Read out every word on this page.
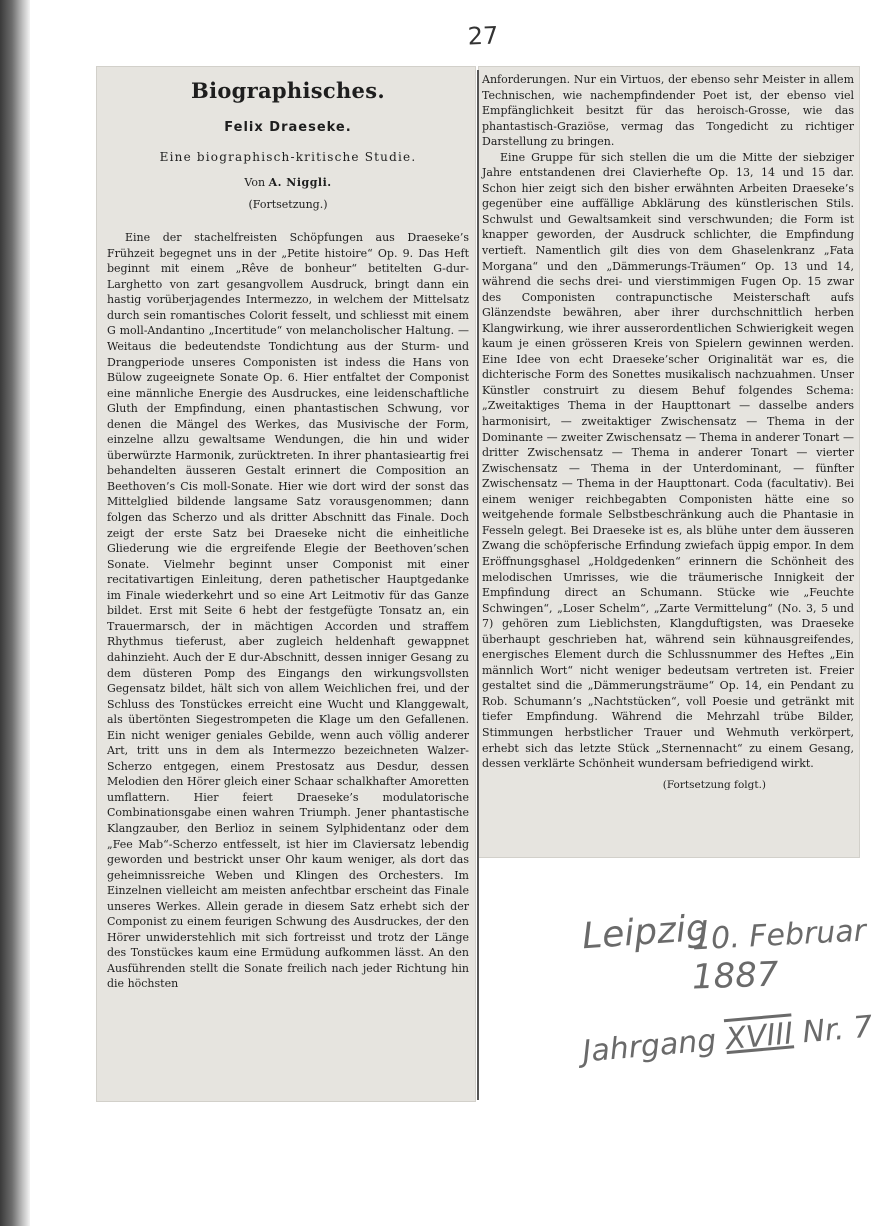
27
Biographisches.
Felix Draeseke.
Eine biographisch-kritische Studie.
Von A. Niggli.
(Fortsetzung.)

Eine der stachelfreisten Schöpfungen aus Draeseke’s Frühzeit begegnet uns in der „Petite histoire“ Op. 9. Das Heft beginnt mit einem „Rêve de bonheur“ betitelten G-dur-Larghetto von zart gesangvollem Ausdruck, bringt dann ein hastig vorüberjagendes Intermezzo, in welchem der Mittelsatz durch sein romantisches Colorit fesselt, und schliesst mit einem G moll-Andantino „Incertitude“ von melancholischer Haltung. — Weitaus die bedeutendste Tondichtung aus der Sturm- und Drangperiode unseres Componisten ist indess die Hans von Bülow zugeeignete Sonate Op. 6. Hier entfaltet der Componist eine männliche Energie des Ausdruckes, eine leidenschaftliche Gluth der Empfindung, einen phantastischen Schwung, vor denen die Mängel des Werkes, das Musivische der Form, einzelne allzu gewaltsame Wendungen, die hin und wider überwürzte Harmonik, zurücktreten. In ihrer phantasieartig frei behandelten äusseren Gestalt erinnert die Composition an Beethoven’s Cis moll-Sonate. Hier wie dort wird der sonst das Mittelglied bildende langsame Satz vorausgenommen; dann folgen das Scherzo und als dritter Abschnitt das Finale. Doch zeigt der erste Satz bei Draeseke nicht die einheitliche Gliederung wie die ergreifende Elegie der Beethoven’schen Sonate. Vielmehr beginnt unser Componist mit einer recitativartigen Einleitung, deren pathetischer Hauptgedanke im Finale wiederkehrt und so eine Art Leitmotiv für das Ganze bildet. Erst mit Seite 6 hebt der festgefügte Tonsatz an, ein Trauermarsch, der in mächtigen Accorden und straffem Rhythmus tieferust, aber zugleich heldenhaft gewappnet dahinzieht. Auch der E dur-Abschnitt, dessen inniger Gesang zu dem düsteren Pomp des Eingangs den wirkungsvollsten Gegensatz bildet, hält sich von allem Weichlichen frei, und der Schluss des Tonstückes erreicht eine Wucht und Klanggewalt, als übertönten Siegestrompeten die Klage um den Gefallenen. Ein nicht weniger geniales Gebilde, wenn auch völlig anderer Art, tritt uns in dem als Intermezzo bezeichneten Walzer-Scherzo entgegen, einem Prestosatz aus Desdur, dessen Melodien den Hörer gleich einer Schaar schalkhafter Amoretten umflattern. Hier feiert Draeseke’s modulatorische Combinationsgabe einen wahren Triumph. Jener phantastische Klangzauber, den Berlioz in seinem Sylphidentanz oder dem „Fee Mab“-Scherzo entfesselt, ist hier im Claviersatz lebendig geworden und bestrickt unser Ohr kaum weniger, als dort das geheimnissreiche Weben und Klingen des Orchesters. Im Einzelnen vielleicht am meisten anfechtbar erscheint das Finale unseres Werkes. Allein gerade in diesem Satz erhebt sich der Componist zu einem feurigen Schwung des Ausdruckes, der den Hörer unwiderstehlich mit sich fortreisst und trotz der Länge des Tonstückes kaum eine Ermüdung aufkommen lässt. An den Ausführenden stellt die Sonate freilich nach jeder Richtung hin die höchsten

Anforderungen. Nur ein Virtuos, der ebenso sehr Meister in allem Technischen, wie nachempfindender Poet ist, der ebenso viel Empfänglichkeit besitzt für das heroisch-Grosse, wie das phantastisch-Graziöse, vermag das Tongedicht zu richtiger Darstellung zu bringen.

Eine Gruppe für sich stellen die um die Mitte der siebziger Jahre entstandenen drei Clavierhefte Op. 13, 14 und 15 dar. Schon hier zeigt sich den bisher erwähnten Arbeiten Draeseke’s gegenüber eine auffällige Abklärung des künstlerischen Stils. Schwulst und Gewaltsamkeit sind verschwunden; die Form ist knapper geworden, der Ausdruck schlichter, die Empfindung vertieft. Namentlich gilt dies von dem Ghaselenkranz „Fata Morgana“ und den „Dämmerungs-Träumen“ Op. 13 und 14, während die sechs drei- und vierstimmigen Fugen Op. 15 zwar des Componisten contrapunctische Meisterschaft aufs Glänzendste bewähren, aber ihrer durchschnittlich herben Klangwirkung, wie ihrer ausserordentlichen Schwierigkeit wegen kaum je einen grösseren Kreis von Spielern gewinnen werden. Eine Idee von echt Draeseke’scher Originalität war es, die dichterische Form des Sonettes musikalisch nachzuahmen. Unser Künstler construirt zu diesem Behuf folgendes Schema: „Zweitaktiges Thema in der Haupttonart — dasselbe anders harmonisirt, — zweitaktiger Zwischensatz — Thema in der Dominante — zweiter Zwischensatz — Thema in anderer Tonart — dritter Zwischensatz — Thema in anderer Tonart — vierter Zwischensatz — Thema in der Unterdominant, — fünfter Zwischensatz — Thema in der Haupttonart. Coda (facultativ). Bei einem weniger reichbegabten Componisten hätte eine so weitgehende formale Selbstbeschränkung auch die Phantasie in Fesseln gelegt. Bei Draeseke ist es, als blühe unter dem äusseren Zwang die schöpferische Erfindung zwiefach üppig empor. In dem Eröffnungsghasel „Holdgedenken“ erinnern die Schönheit des melodischen Umrisses, wie die träumerische Innigkeit der Empfindung direct an Schumann. Stücke wie „Feuchte Schwingen“, „Loser Schelm“, „Zarte Vermittelung“ (No. 3, 5 und 7) gehören zum Lieblichsten, Klangduftigsten, was Draeseke überhaupt geschrieben hat, während sein kühnausgreifendes, energisches Element durch die Schlussnummer des Heftes „Ein männlich Wort“ nicht weniger bedeutsam vertreten ist. Freier gestaltet sind die „Dämmerungsträume“ Op. 14, ein Pendant zu Rob. Schumann’s „Nachtstücken“, voll Poesie und getränkt mit tiefer Empfindung. Während die Mehrzahl trübe Bilder, Stimmungen herbstlicher Trauer und Wehmuth verkörpert, erhebt sich das letzte Stück „Sternennacht“ zu einem Gesang, dessen verklärte Schönheit wundersam befriedigend wirkt.

(Fortsetzung folgt.)
Leipzig
10. Februar
1887
Jahrgang XVIII Nr. 7
